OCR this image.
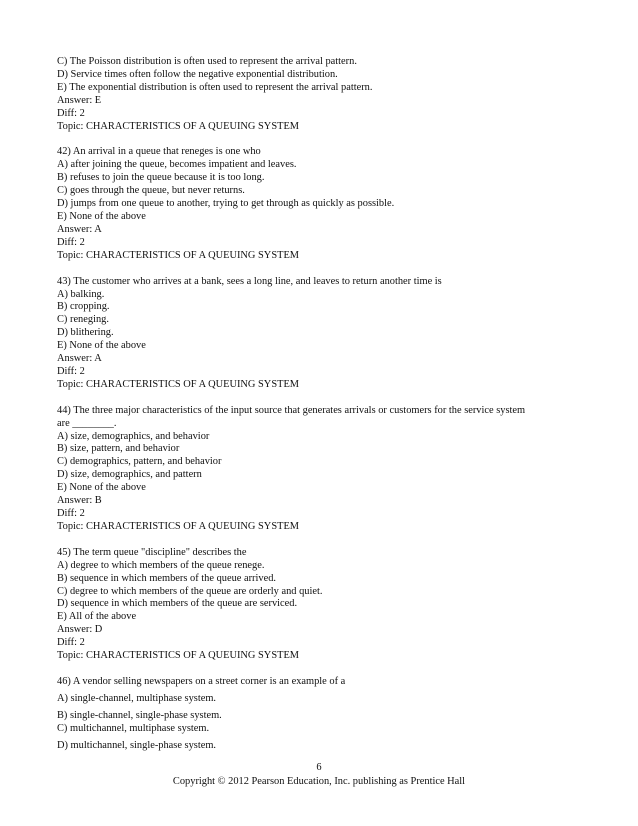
C) The Poisson distribution is often used to represent the arrival pattern.
D) Service times often follow the negative exponential distribution.
E) The exponential distribution is often used to represent the arrival pattern.
Answer: E
Diff: 2
Topic: CHARACTERISTICS OF A QUEUING SYSTEM
42) An arrival in a queue that reneges is one who
A) after joining the queue, becomes impatient and leaves.
B) refuses to join the queue because it is too long.
C) goes through the queue, but never returns.
D) jumps from one queue to another, trying to get through as quickly as possible.
E) None of the above
Answer: A
Diff: 2
Topic: CHARACTERISTICS OF A QUEUING SYSTEM
43) The customer who arrives at a bank, sees a long line, and leaves to return another time is
A) balking.
B) cropping.
C) reneging.
D) blithering.
E) None of the above
Answer: A
Diff: 2
Topic: CHARACTERISTICS OF A QUEUING SYSTEM
44) The three major characteristics of the input source that generates arrivals or customers for the service system
are ________.
A) size, demographics, and behavior
B) size, pattern, and behavior
C) demographics, pattern, and behavior
D) size, demographics, and pattern
E) None of the above
Answer: B
Diff: 2
Topic: CHARACTERISTICS OF A QUEUING SYSTEM
45) The term queue "discipline" describes the
A) degree to which members of the queue renege.
B) sequence in which members of the queue arrived.
C) degree to which members of the queue are orderly and quiet.
D) sequence in which members of the queue are serviced.
E) All of the above
Answer: D
Diff: 2
Topic: CHARACTERISTICS OF A QUEUING SYSTEM
46) A vendor selling newspapers on a street corner is an example of a
A) single-channel, multiphase system.
B) single-channel, single-phase system.
C) multichannel, multiphase system.
D) multichannel, single-phase system.
6
Copyright © 2012 Pearson Education, Inc. publishing as Prentice Hall
